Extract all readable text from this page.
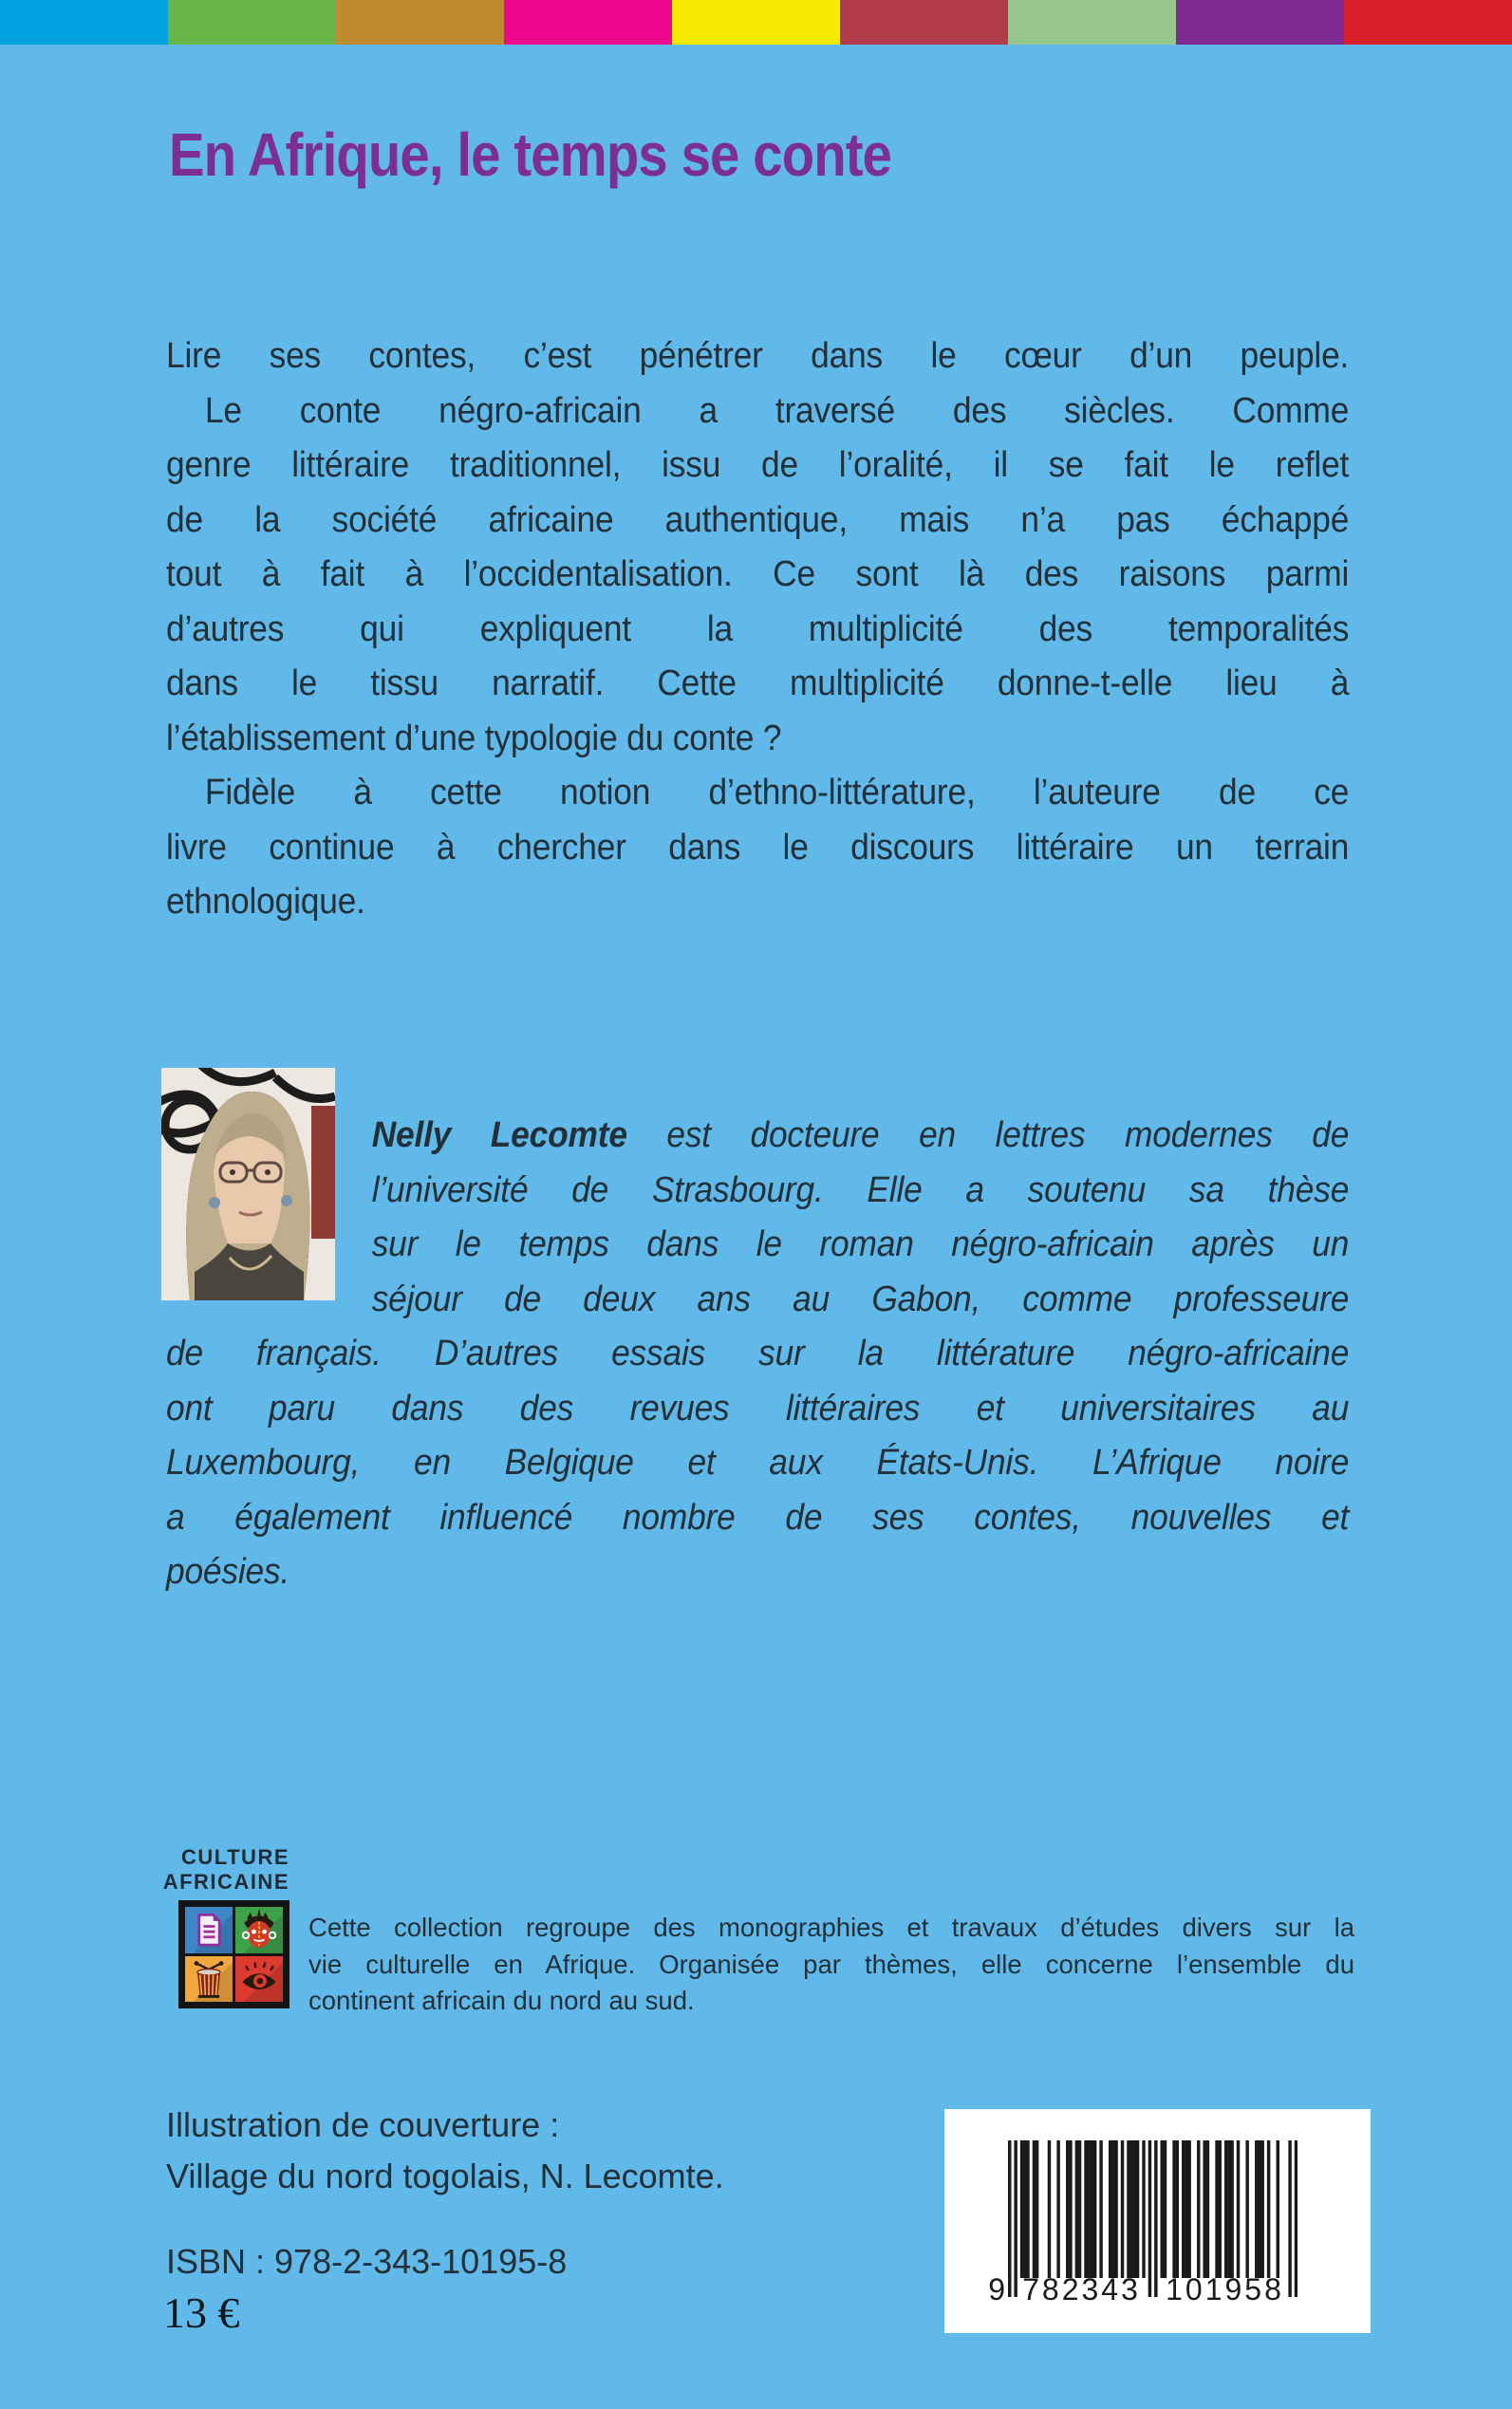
En Afrique, le temps se conte
Lire ses contes, c’est pénétrer dans le cœur d’un peuple.
Le conte négro-africain a traversé des siècles. Comme
genre littéraire traditionnel, issu de l’oralité, il se fait le reflet
de la société africaine authentique, mais n’a pas échappé
tout à fait à l’occidentalisation. Ce sont là des raisons parmi
d’autres qui expliquent la multiplicité des temporalités
dans le tissu narratif. Cette multiplicité donne-t-elle lieu à
l’établissement d’une typologie du conte ?
Fidèle à cette notion d’ethno-littérature, l’auteure de ce
livre continue à chercher dans le discours littéraire un terrain
ethnologique.
Nelly Lecomte est docteure en lettres modernes de
l’université de Strasbourg. Elle a soutenu sa thèse
sur le temps dans le roman négro-africain après un
séjour de deux ans au Gabon, comme professeure
de français. D’autres essais sur la littérature négro-africaine
ont paru dans des revues littéraires et universitaires au
Luxembourg, en Belgique et aux États-Unis. L’Afrique noire
a également influencé nombre de ses contes, nouvelles et
poésies.
CULTURE
AFRICAINE
Cette collection regroupe des monographies et travaux d’études divers sur la
vie culturelle en Afrique. Organisée par thèmes, elle concerne l’ensemble du
continent africain du nord au sud.
Illustration de couverture :
Village du nord togolais, N. Lecomte.
ISBN : 978-2-343-10195-8
13 €	9 782343 101958
